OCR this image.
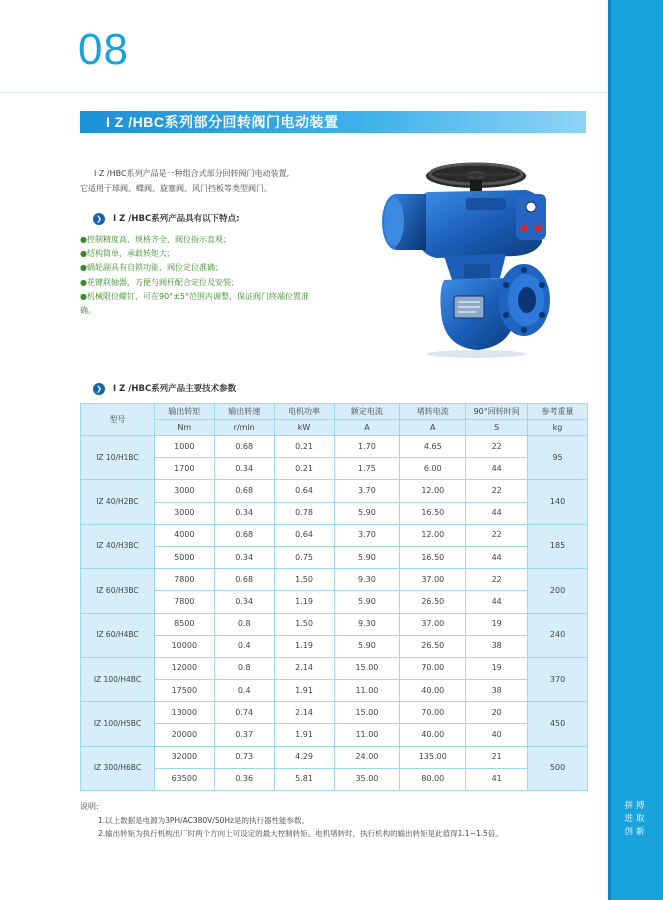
拼搏
进取
创新
08
I Z /HBC系列部分回转阀门电动装置

I Z /HBC系列产品是一种组合式部分回转阀门电动装置,

它适用于球阀、蝶阀、旋塞阀、风门挡板等类型阀门。

❯ I Z /HBC系列产品具有以下特点:
●控制精度高，规格齐全，阀位指示直观；
●结构简单，承载转矩大；
●蜗轮副具有自锁功能，阀位定位准确；
●花键联轴器，方便与阀杆配合定位及安装；
●机械限位螺钉，可在90°±5°范围内调整，保证阀门终端位置准确。
❯ I Z /HBC系列产品主要技术参数
型号	输出转矩	输出转速	电机功率	额定电流	堵转电流	90°回转时间	参考重量
	Nm	r/min	kW	A	A	S	kg
IZ 10/H1BC	1000	0.68	0.21	1.70	4.65	22	95
	1700	0.34	0.21	1.75	6.00	44	
IZ 40/H2BC	3000	0.68	0.64	3.70	12.00	22	140
	3000	0.34	0.78	5.90	16.50	44	
IZ 40/H3BC	4000	0.68	0.64	3.70	12.00	22	185
	5000	0.34	0.75	5.90	16.50	44	
IZ 60/H3BC	7800	0.68	1.50	9.30	37.00	22	200
	7800	0.34	1.19	5.90	26.50	44	
IZ 60/H4BC	8500	0.8	1.50	9.30	37.00	19	240
	10000	0.4	1.19	5.90	26.50	38	
IZ 100/H4BC	12000	0.8	2.14	15.00	70.00	19	370
	17500	0.4	1.91	11.00	40.00	38	
IZ 100/H5BC	13000	0.74	2.14	15.00	70.00	20	450
	20000	0.37	1.91	11.00	40.00	40	
IZ 300/H6BC	32000	0.73	4.29	24.00	135.00	21	500
	63500	0.36	5.81	35.00	80.00	41	

说明:

1.以上数据是电源为3PH/AC380V/50Hz是的执行器性能参数。

2.输出转矩为执行机构出厂时两个方向上可设定的最大控制转矩。电机堵转时，执行机构的输出转矩是此值得1.1~1.5倍。
